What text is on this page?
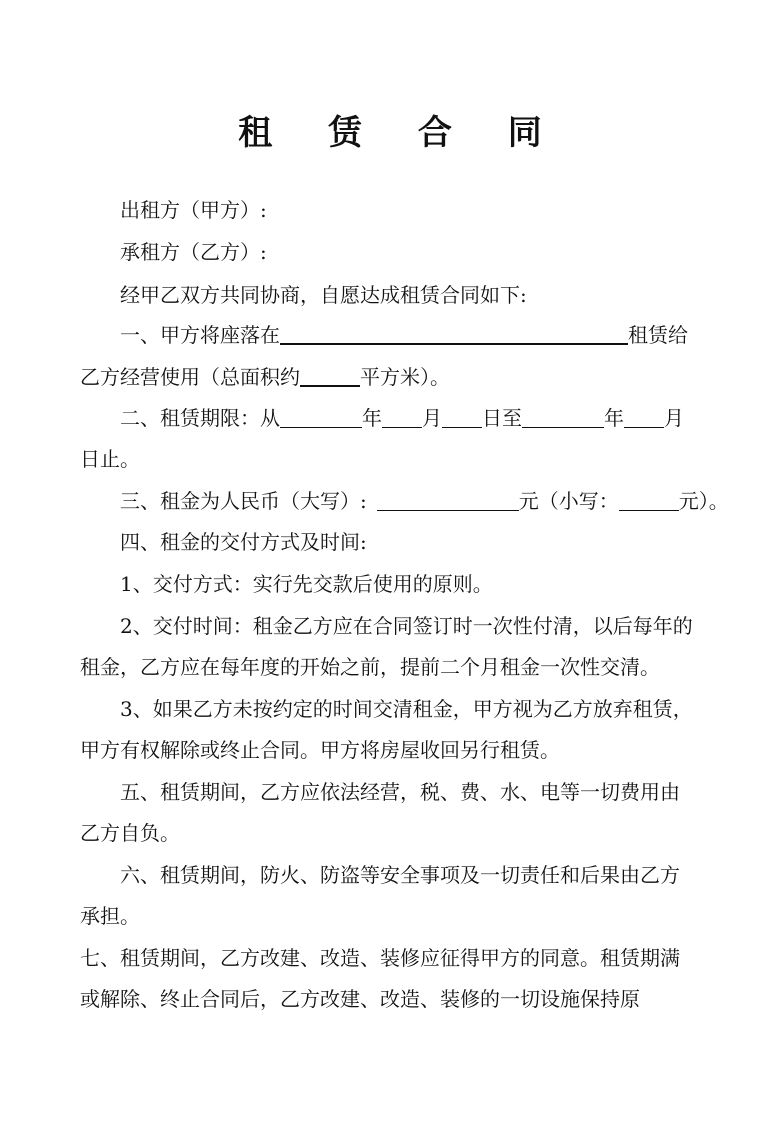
租 赁 合 同
出租方（甲方）:
承租方（乙方）:
经甲乙双方共同协商，自愿达成租赁合同如下:
一、甲方将座落在	租赁给
乙方经营使用（总面积约	平方米）。
二、租赁期限：从	年 月 日至	年 月
日止。
三、租金为人民币（大写）:	元（小写：	元）。
四、租金的交付方式及时间:
1、交付方式：实行先交款后使用的原则。
2、交付时间：租金乙方应在合同签订时一次性付清，以后每年的
租金，乙方应在每年度的开始之前，提前二个月租金一次性交清。
3、如果乙方未按约定的时间交清租金，甲方视为乙方放弃租赁，
甲方有权解除或终止合同。甲方将房屋收回另行租赁。
五、租赁期间，乙方应依法经营，税、费、水、电等一切费用由
乙方自负。
六、租赁期间，防火、防盗等安全事项及一切责任和后果由乙方
承担。
七、租赁期间，乙方改建、改造、装修应征得甲方的同意。租赁期满
或解除、终止合同后，乙方改建、改造、装修的一切设施保持原
